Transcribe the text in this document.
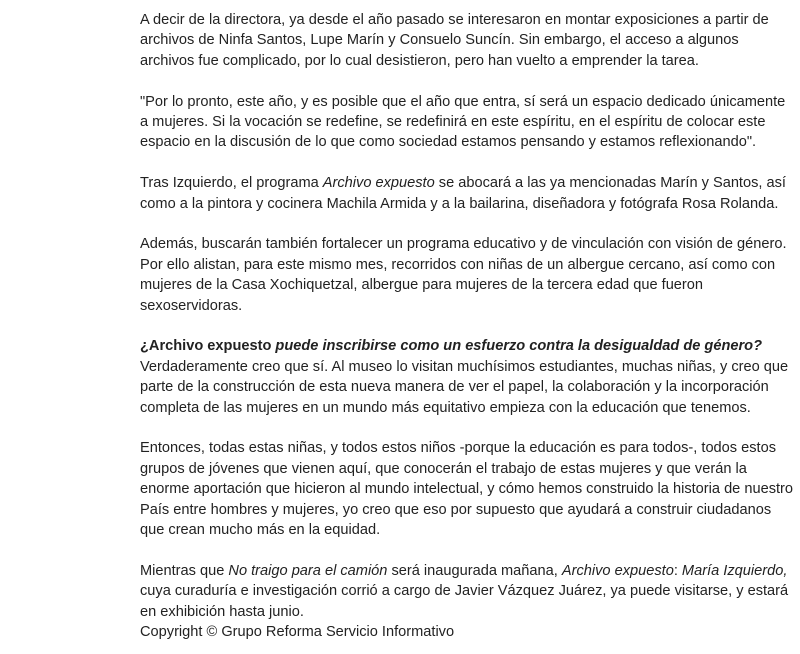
A decir de la directora, ya desde el año pasado se interesaron en montar exposiciones a partir de archivos de Ninfa Santos, Lupe Marín y Consuelo Suncín. Sin embargo, el acceso a algunos archivos fue complicado, por lo cual desistieron, pero han vuelto a emprender la tarea.

"Por lo pronto, este año, y es posible que el año que entra, sí será un espacio dedicado únicamente a mujeres. Si la vocación se redefine, se redefinirá en este espíritu, en el espíritu de colocar este espacio en la discusión de lo que como sociedad estamos pensando y estamos reflexionando".

Tras Izquierdo, el programa Archivo expuesto se abocará a las ya mencionadas Marín y Santos, así como a la pintora y cocinera Machila Armida y a la bailarina, diseñadora y fotógrafa Rosa Rolanda.

Además, buscarán también fortalecer un programa educativo y de vinculación con visión de género. Por ello alistan, para este mismo mes, recorridos con niñas de un albergue cercano, así como con mujeres de la Casa Xochiquetzal, albergue para mujeres de la tercera edad que fueron sexoservidoras.

¿Archivo expuesto puede inscribirse como un esfuerzo contra la desigualdad de género?
Verdaderamente creo que sí. Al museo lo visitan muchísimos estudiantes, muchas niñas, y creo que parte de la construcción de esta nueva manera de ver el papel, la colaboración y la incorporación completa de las mujeres en un mundo más equitativo empieza con la educación que tenemos.

Entonces, todas estas niñas, y todos estos niños -porque la educación es para todos-, todos estos grupos de jóvenes que vienen aquí, que conocerán el trabajo de estas mujeres y que verán la enorme aportación que hicieron al mundo intelectual, y cómo hemos construido la historia de nuestro País entre hombres y mujeres, yo creo que eso por supuesto que ayudará a construir ciudadanos que crean mucho más en la equidad.

Mientras que No traigo para el camión será inaugurada mañana, Archivo expuesto: María Izquierdo, cuya curaduría e investigación corrió a cargo de Javier Vázquez Juárez, ya puede visitarse, y estará en exhibición hasta junio.

Copyright © Grupo Reforma Servicio Informativo
